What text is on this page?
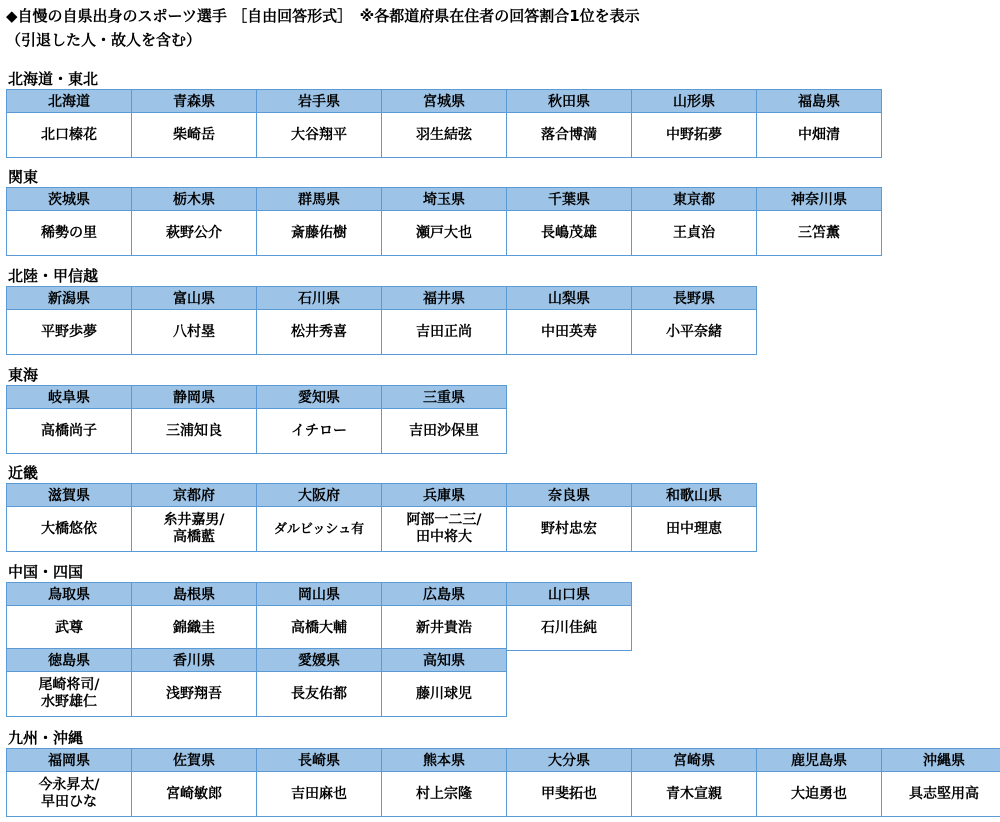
◆自慢の自県出身のスポーツ選手 ［自由回答形式］　※各都道府県在住者の回答割合1位を表示
（引退した人・故人を含む）
北海道・東北
北海道
北口榛花
青森県
柴崎岳
岩手県
大谷翔平
宮城県
羽生結弦
秋田県
落合博満
山形県
中野拓夢
福島県
中畑清
関東
茨城県
稀勢の里
栃木県
萩野公介
群馬県
斎藤佑樹
埼玉県
瀬戸大也
千葉県
長嶋茂雄
東京都
王貞治
神奈川県
三笘薫
北陸・甲信越
新潟県
平野歩夢
富山県
八村塁
石川県
松井秀喜
福井県
吉田正尚
山梨県
中田英寿
長野県
小平奈緒
東海
岐阜県
高橋尚子
静岡県
三浦知良
愛知県
イチロー
三重県
吉田沙保里
近畿
滋賀県
大橋悠依
京都府
糸井嘉男/
高橋藍
大阪府
ダルビッシュ有
兵庫県
阿部一二三/
田中将大
奈良県
野村忠宏
和歌山県
田中理恵
中国・四国
鳥取県
武尊
島根県
錦織圭
岡山県
高橋大輔
広島県
新井貴浩
山口県
石川佳純
徳島県
尾崎将司/
水野雄仁
香川県
浅野翔吾
愛媛県
長友佑都
高知県
藤川球児
九州・沖縄
福岡県
今永昇太/
早田ひな
佐賀県
宮崎敏郎
長崎県
吉田麻也
熊本県
村上宗隆
大分県
甲斐拓也
宮崎県
青木宣親
鹿児島県
大迫勇也
沖縄県
具志堅用高
